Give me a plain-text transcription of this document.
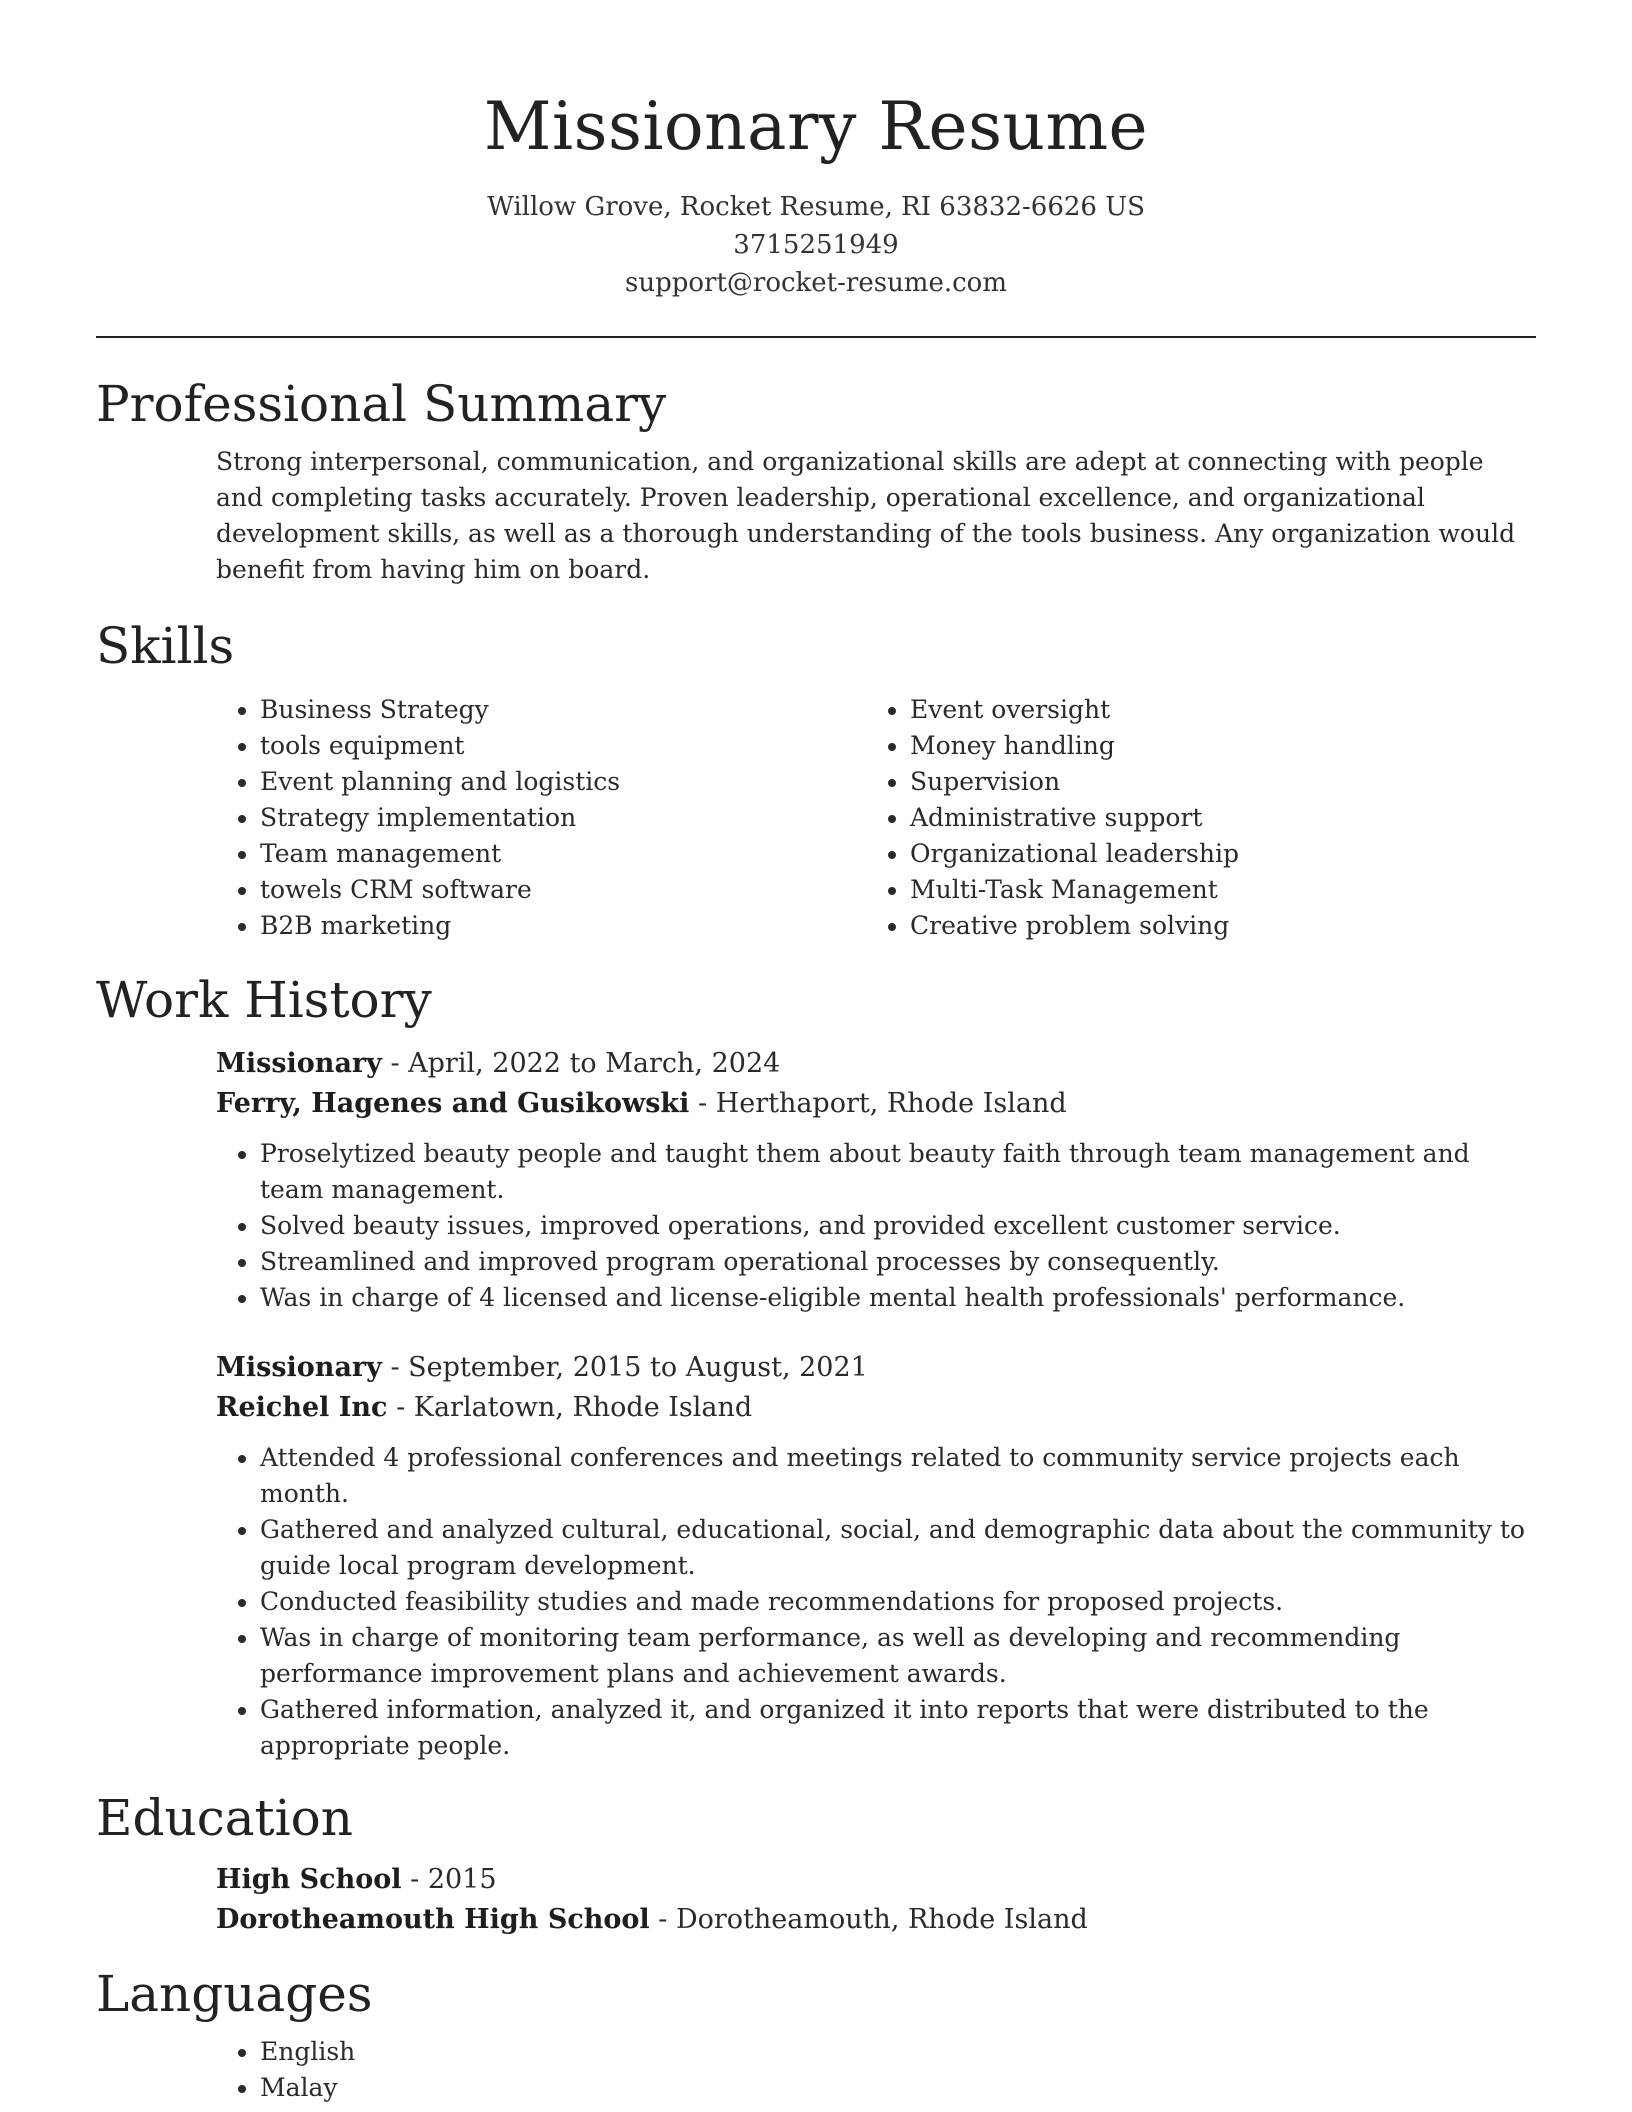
Missionary Resume
Willow Grove, Rocket Resume, RI 63832-6626 US
3715251949
support@rocket-resume.com
Professional Summary

Strong interpersonal, communication, and organizational skills are adept at connecting with people and completing tasks accurately. Proven leadership, operational excellence, and organizational development skills, as well as a thorough understanding of the tools business. Any organization would benefit from having him on board.

Skills
• Business Strategy
• tools equipment
• Event planning and logistics
• Strategy implementation
• Team management
• towels CRM software
• B2B marketing
• Event oversight
• Money handling
• Supervision
• Administrative support
• Organizational leadership
• Multi-Task Management
• Creative problem solving
Work History
Missionary - April, 2022 to March, 2024
Ferry, Hagenes and Gusikowski - Herthaport, Rhode Island
• Proselytized beauty people and taught them about beauty faith through team management and team management.
• Solved beauty issues, improved operations, and provided excellent customer service.
• Streamlined and improved program operational processes by consequently.
• Was in charge of 4 licensed and license-eligible mental health professionals' performance.
Missionary - September, 2015 to August, 2021
Reichel Inc - Karlatown, Rhode Island
• Attended 4 professional conferences and meetings related to community service projects each month.
• Gathered and analyzed cultural, educational, social, and demographic data about the community to guide local program development.
• Conducted feasibility studies and made recommendations for proposed projects.
• Was in charge of monitoring team performance, as well as developing and recommending performance improvement plans and achievement awards.
• Gathered information, analyzed it, and organized it into reports that were distributed to the appropriate people.
Education
High School - 2015
Dorotheamouth High School - Dorotheamouth, Rhode Island
Languages
• English
• Malay
